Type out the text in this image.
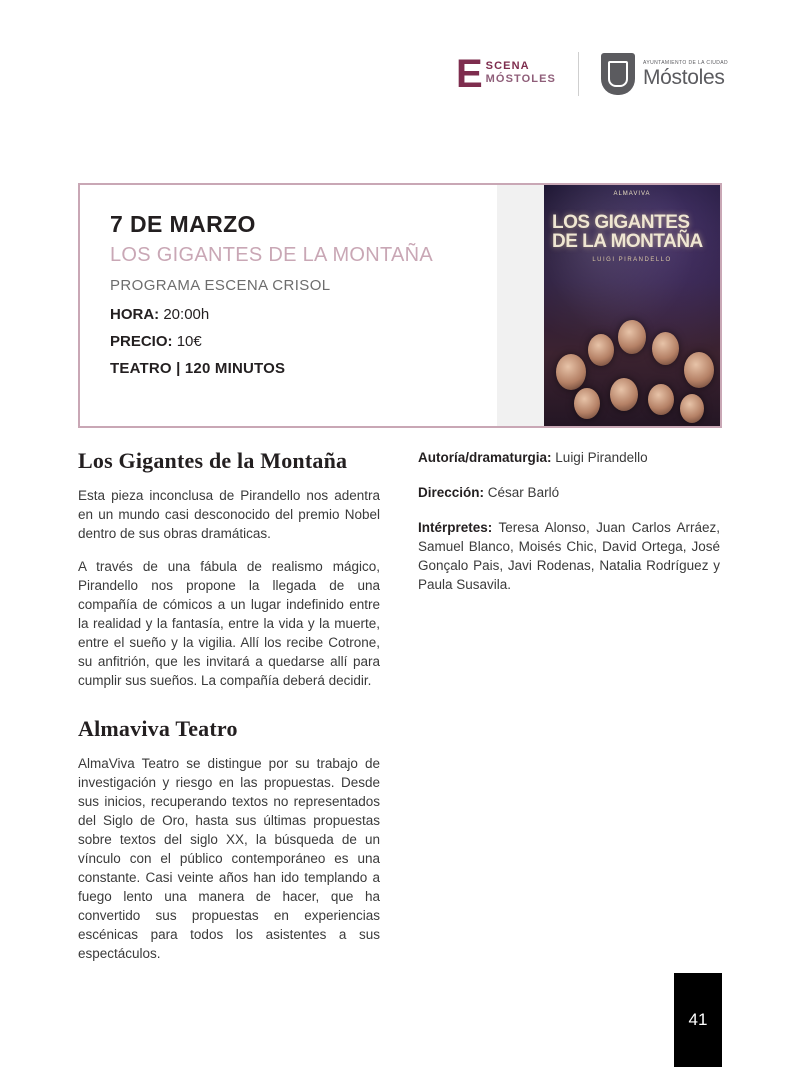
E SCENA
MÓSTOLES
AYUNTAMIENTO DE LA CIUDAD
Móstoles
7 DE MARZO
LOS GIGANTES DE LA MONTAÑA
PROGRAMA ESCENA CRISOL
HORA: 20:00h
PRECIO: 10€
TEATRO | 120 MINUTOS
ALMAVIVA
LOS GIGANTES DE LA MONTAÑA
LUIGI PIRANDELLO
Los Gigantes de la Montaña

Esta pieza inconclusa de Pirandello nos adentra en un mundo casi desconocido del premio Nobel dentro de sus obras dramáticas.

A través de una fábula de realismo mágico, Pirandello nos propone la llegada de una compañía de cómicos a un lugar indefinido entre la realidad y la fantasía, entre la vida y la muerte, entre el sueño y la vigilia. Allí los recibe Cotrone, su anfitrión, que les invitará a quedarse allí para cumplir sus sueños. La compañía deberá decidir.

Almaviva Teatro

AlmaViva Teatro se distingue por su trabajo de investigación y riesgo en las propuestas. Desde sus inicios, recuperando textos no representados del Siglo de Oro, hasta sus últimas propuestas sobre textos del siglo XX, la búsqueda de un vínculo con el público contemporáneo es una constante. Casi veinte años han ido templando a fuego lento una manera de hacer, que ha convertido sus propuestas en experiencias escénicas para todos los asistentes a sus espectáculos.

Autoría/dramaturgia: Luigi Pirandello

Dirección: César Barló

Intérpretes: Teresa Alonso, Juan Carlos Arráez, Samuel Blanco, Moisés Chic, David Ortega, José Gonçalo Pais, Javi Rodenas, Natalia Rodríguez y Paula Susavila.

41
